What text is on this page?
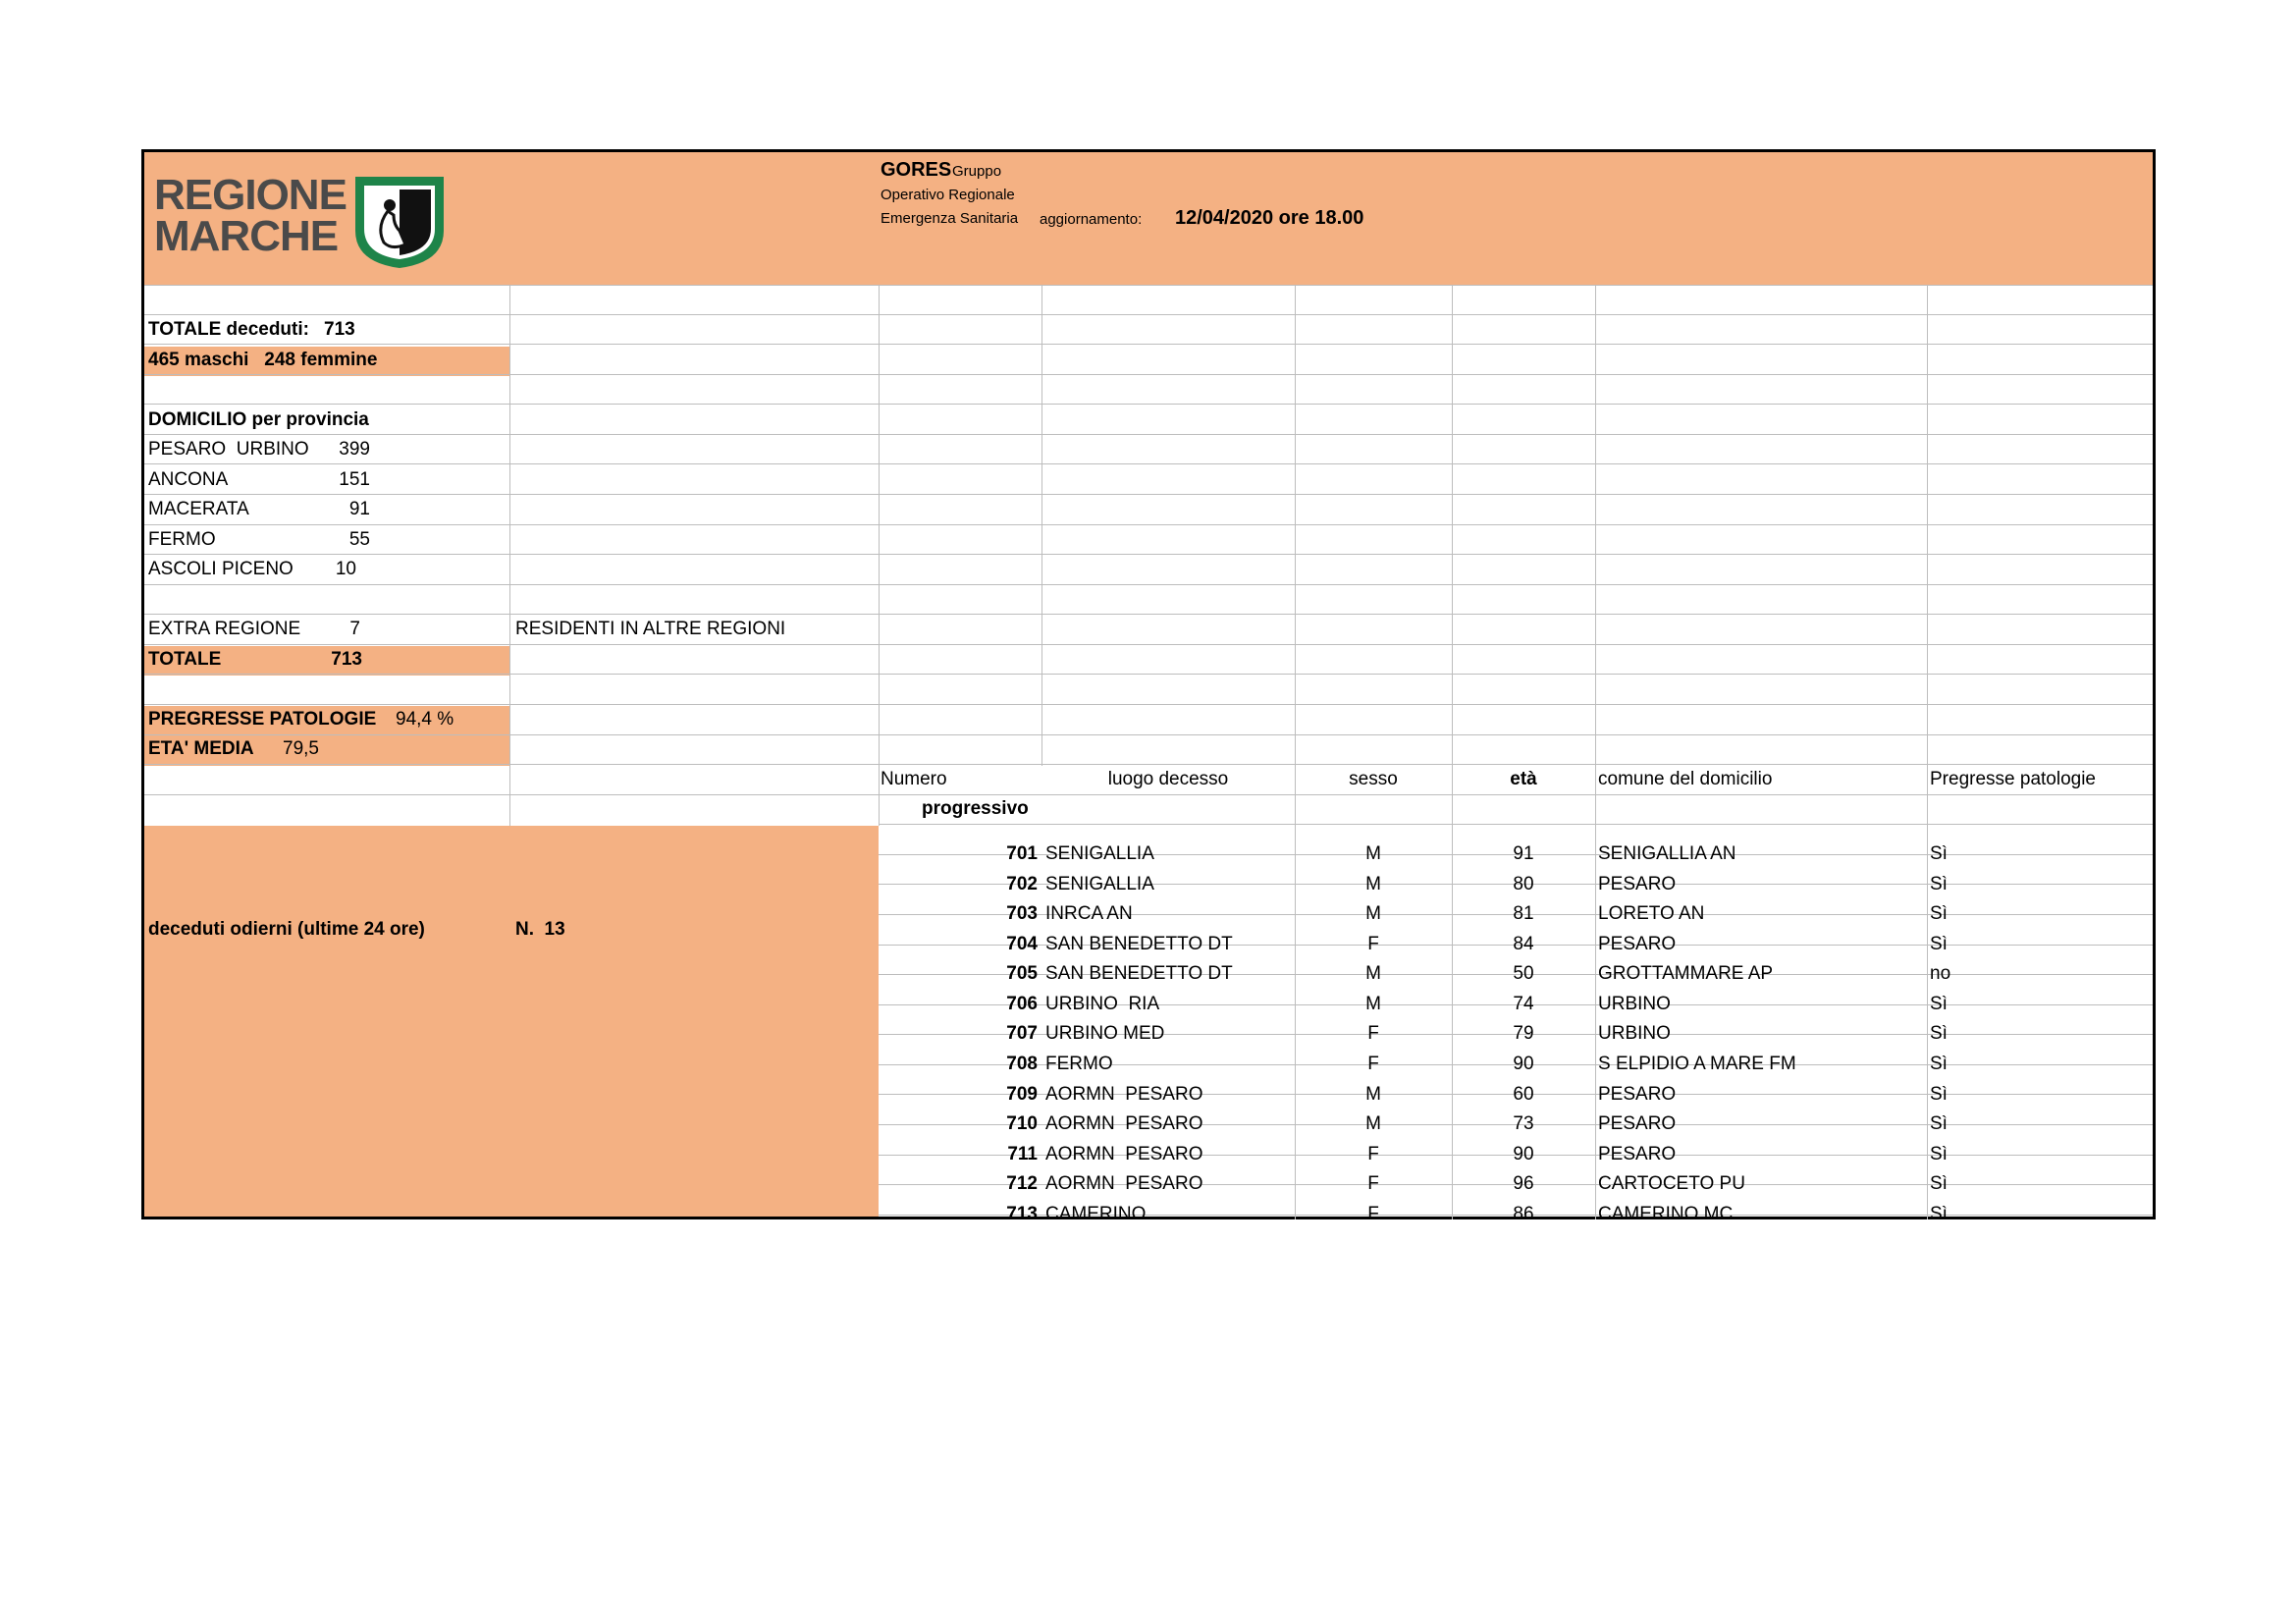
REGIONE
MARCHE
GORES Gruppo
Operativo Regionale
Emergenza Sanitaria aggiornamento: 12/04/2020 ore 18.00
TOTALE deceduti: 713
465 maschi   248 femmine
DOMICILIO per provincia
PESARO  URBINO	399
ANCONA	151
MACERATA	91
FERMO	55
ASCOLI PICENO	10
EXTRA REGIONE	7	RESIDENTI IN ALTRE REGIONI
TOTALE	713
PREGRESSE PATOLOGIE 94,4 %
ETA' MEDIA 79,5
deceduti odierni (ultime 24 ore)	N.  13
Numero
progressivo
luogo decesso	sesso	età	comune del domicilio	Pregresse patologie
701 SENIGALLIA	M	91	SENIGALLIA AN	Sì
702 SENIGALLIA	M	80	PESARO	Sì
703 INRCA AN	M	81	LORETO AN	Sì
704 SAN BENEDETTO DT	F	84	PESARO	Sì
705 SAN BENEDETTO DT	M	50	GROTTAMMARE AP	no
706 URBINO  RIA	M	74	URBINO	Sì
707 URBINO MED	F	79	URBINO	Sì
708 FERMO	F	90	S ELPIDIO A MARE FM	Sì
709 AORMN  PESARO	M	60	PESARO	Sì
710 AORMN  PESARO	M	73	PESARO	Sì
711 AORMN  PESARO	F	90	PESARO	Sì
712 AORMN  PESARO	F	96	CARTOCETO PU	Sì
713 CAMERINO	F	86	CAMERINO MC	Sì
